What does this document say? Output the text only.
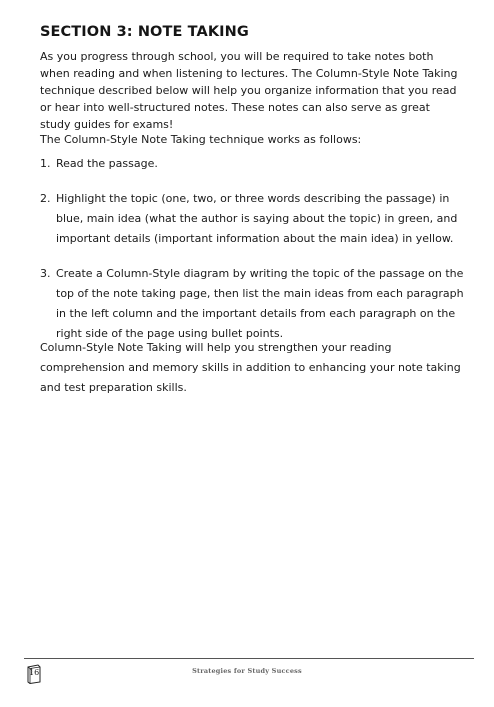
SECTION 3: NOTE TAKING

As you progress through school, you will be required to take notes both when reading and when listening to lectures. The Column-Style Note Taking technique described below will help you organize information that you read or hear into well-structured notes. These notes can also serve as great study guides for exams!

The Column-Style Note Taking technique works as follows:

1. Read the passage.
2. Highlight the topic (one, two, or three words describing the passage) in blue, main idea (what the author is saying about the topic) in green, and important details (important information about the main idea) in yellow.
3. Create a Column-Style diagram by writing the topic of the passage on the top of the note taking page, then list the main ideas from each paragraph in the left column and the important details from each paragraph on the right side of the page using bullet points.

Column-Style Note Taking will help you strengthen your reading comprehension and memory skills in addition to enhancing your note taking and test preparation skills.

16	Strategies for Study Success
